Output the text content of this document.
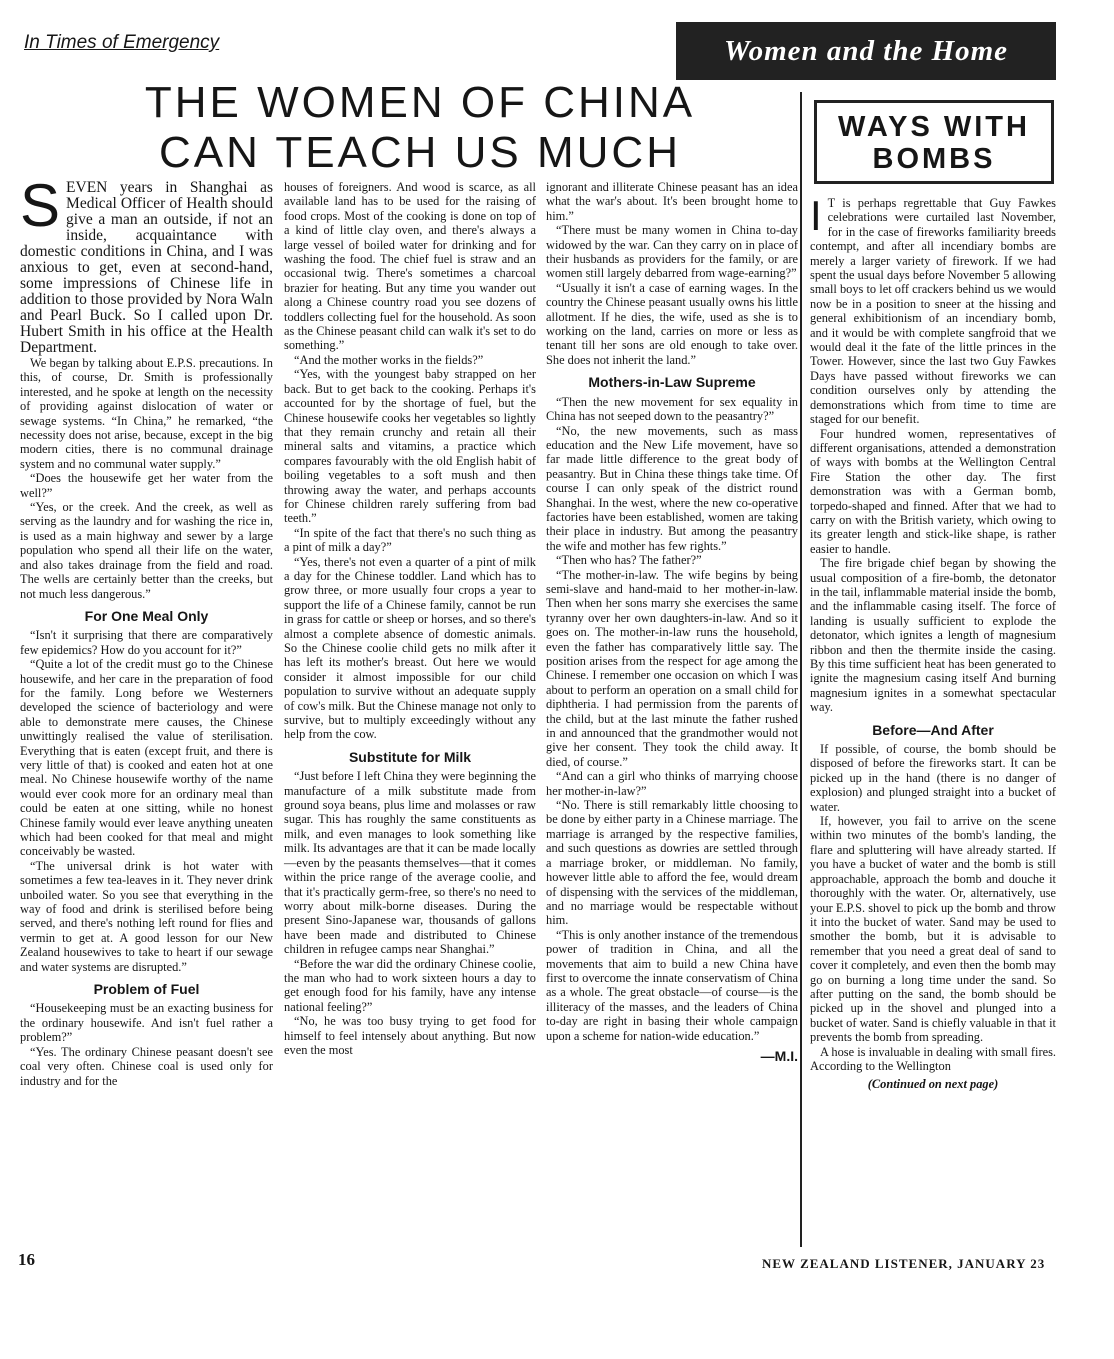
In Times of Emergency	Women and the Home
THE WOMEN OF CHINA
CAN TEACH US MUCH

SEVEN years in Shanghai as Medical Officer of Health should give a man an outside, if not an inside, acquaintance with domestic conditions in China, and I was anxious to get, even at second-hand, some impressions of Chinese life in addition to those provided by Nora Waln and Pearl Buck. So I called upon Dr. Hubert Smith in his office at the Health Department.

We began by talking about E.P.S. precautions. In this, of course, Dr. Smith is professionally interested, and he spoke at length on the necessity of providing against dislocation of water or sewage systems. “In China,” he remarked, “the necessity does not arise, because, except in the big modern cities, there is no communal drainage system and no communal water supply.”

“Does the housewife get her water from the well?”

“Yes, or the creek. And the creek, as well as serving as the laundry and for washing the rice in, is used as a main highway and sewer by a large population who spend all their life on the water, and also takes drainage from the field and road. The wells are certainly better than the creeks, but not much less dangerous.”

For One Meal Only

“Isn't it surprising that there are comparatively few epidemics? How do you account for it?”

“Quite a lot of the credit must go to the Chinese housewife, and her care in the preparation of food for the family. Long before we Westerners developed the science of bacteriology and were able to demonstrate mere causes, the Chinese unwittingly realised the value of sterilisation. Everything that is eaten (except fruit, and there is very little of that) is cooked and eaten hot at one meal. No Chinese housewife worthy of the name would ever cook more for an ordinary meal than could be eaten at one sitting, while no honest Chinese family would ever leave anything uneaten which had been cooked for that meal and might conceivably be wasted.

“The universal drink is hot water with sometimes a few tea-leaves in it. They never drink unboiled water. So you see that everything in the way of food and drink is sterilised before being served, and there's nothing left round for flies and vermin to get at. A good lesson for our New Zealand housewives to take to heart if our sewage and water systems are disrupted.”

Problem of Fuel

“Housekeeping must be an exacting business for the ordinary housewife. And isn't fuel rather a problem?”

“Yes. The ordinary Chinese peasant doesn't see coal very often. Chinese coal is used only for industry and for the

houses of foreigners. And wood is scarce, as all available land has to be used for the raising of food crops. Most of the cooking is done on top of a kind of little clay oven, and there's always a large vessel of boiled water for drinking and for washing the food. The chief fuel is straw and an occasional twig. There's sometimes a charcoal brazier for heating. But any time you wander out along a Chinese country road you see dozens of toddlers collecting fuel for the household. As soon as the Chinese peasant child can walk it's set to do something.”

“And the mother works in the fields?”

“Yes, with the youngest baby strapped on her back. But to get back to the cooking. Perhaps it's accounted for by the shortage of fuel, but the Chinese housewife cooks her vegetables so lightly that they remain crunchy and retain all their mineral salts and vitamins, a practice which compares favourably with the old English habit of boiling vegetables to a soft mush and then throwing away the water, and perhaps accounts for Chinese children rarely suffering from bad teeth.”

“In spite of the fact that there's no such thing as a pint of milk a day?”

“Yes, there's not even a quarter of a pint of milk a day for the Chinese toddler. Land which has to grow three, or more usually four crops a year to support the life of a Chinese family, cannot be run in grass for cattle or sheep or horses, and so there's almost a complete absence of domestic animals. So the Chinese coolie child gets no milk after it has left its mother's breast. Out here we would consider it almost impossible for our child population to survive without an adequate supply of cow's milk. But the Chinese manage not only to survive, but to multiply exceedingly without any help from the cow.

Substitute for Milk

“Just before I left China they were beginning the manufacture of a milk substitute made from ground soya beans, plus lime and molasses or raw sugar. This has roughly the same constituents as milk, and even manages to look something like milk. Its advantages are that it can be made locally—even by the peasants themselves—that it comes within the price range of the average coolie, and that it's practically germ-free, so there's no need to worry about milk-borne diseases. During the present Sino-Japanese war, thousands of gallons have been made and distributed to Chinese children in refugee camps near Shanghai.”

“Before the war did the ordinary Chinese coolie, the man who had to work sixteen hours a day to get enough food for his family, have any intense national feeling?”

“No, he was too busy trying to get food for himself to feel intensely about anything. But now even the most

ignorant and illiterate Chinese peasant has an idea what the war's about. It's been brought home to him.”

“There must be many women in China to-day widowed by the war. Can they carry on in place of their husbands as providers for the family, or are women still largely debarred from wage-earning?”

“Usually it isn't a case of earning wages. In the country the Chinese peasant usually owns his little allotment. If he dies, the wife, used as she is to working on the land, carries on more or less as tenant till her sons are old enough to take over. She does not inherit the land.”

Mothers-in-Law Supreme

“Then the new movement for sex equality in China has not seeped down to the peasantry?”

“No, the new movements, such as mass education and the New Life movement, have so far made little difference to the great body of peasantry. But in China these things take time. Of course I can only speak of the district round Shanghai. In the west, where the new co-operative factories have been established, women are taking their place in industry. But among the peasantry the wife and mother has few rights.”

“Then who has? The father?”

“The mother-in-law. The wife begins by being semi-slave and hand-maid to her mother-in-law. Then when her sons marry she exercises the same tyranny over her own daughters-in-law. And so it goes on. The mother-in-law runs the household, even the father has comparatively little say. The position arises from the respect for age among the Chinese. I remember one occasion on which I was about to perform an operation on a small child for diphtheria. I had permission from the parents of the child, but at the last minute the father rushed in and announced that the grandmother would not give her consent. They took the child away. It died, of course.”

“And can a girl who thinks of marrying choose her mother-in-law?”

“No. There is still remarkably little choosing to be done by either party in a Chinese marriage. The marriage is arranged by the respective families, and such questions as dowries are settled through a marriage broker, or middleman. No family, however little able to afford the fee, would dream of dispensing with the services of the middleman, and no marriage would be respectable without him.

“This is only another instance of the tremendous power of tradition in China, and all the movements that aim to build a new China have first to overcome the innate conservatism of China as a whole. The great obstacle—of course—is the illiteracy of the masses, and the leaders of China to-day are right in basing their whole campaign upon a scheme for nation-wide education.”

—M.I.
WAYS WITH BOMBS

I T is perhaps regrettable that Guy Fawkes celebrations were curtailed last November, for in the case of fireworks familiarity breeds contempt, and after all incendiary bombs are merely a larger variety of firework. If we had spent the usual days before November 5 allowing small boys to let off crackers behind us we would now be in a position to sneer at the hissing and general exhibitionism of an incendiary bomb, and it would be with complete sangfroid that we would deal it the fate of the little princes in the Tower. However, since the last two Guy Fawkes Days have passed without fireworks we can condition ourselves only by attending the demonstrations which from time to time are staged for our benefit.

Four hundred women, representatives of different organisations, attended a demonstration of ways with bombs at the Wellington Central Fire Station the other day. The first demonstration was with a German bomb, torpedo-shaped and finned. After that we had to carry on with the British variety, which owing to its greater length and stick-like shape, is rather easier to handle.

The fire brigade chief began by showing the usual composition of a fire-bomb, the detonator in the tail, inflammable material inside the bomb, and the inflammable casing itself. The force of landing is usually sufficient to explode the detonator, which ignites a length of magnesium ribbon and then the thermite inside the casing. By this time sufficient heat has been generated to ignite the magnesium casing itself And burning magnesium ignites in a somewhat spectacular way.

Before—And After

If possible, of course, the bomb should be disposed of before the fireworks start. It can be picked up in the hand (there is no danger of explosion) and plunged straight into a bucket of water.

If, however, you fail to arrive on the scene within two minutes of the bomb's landing, the flare and spluttering will have already started. If you have a bucket of water and the bomb is still approachable, approach the bomb and douche it thoroughly with the water. Or, alternatively, use your E.P.S. shovel to pick up the bomb and throw it into the bucket of water. Sand may be used to smother the bomb, but it is advisable to remember that you need a great deal of sand to cover it completely, and even then the bomb may go on burning a long time under the sand. So after putting on the sand, the bomb should be picked up in the shovel and plunged into a bucket of water. Sand is chiefly valuable in that it prevents the bomb from spreading.

A hose is invaluable in dealing with small fires. According to the Wellington

(Continued on next page)
16	NEW ZEALAND LISTENER, JANUARY 23
